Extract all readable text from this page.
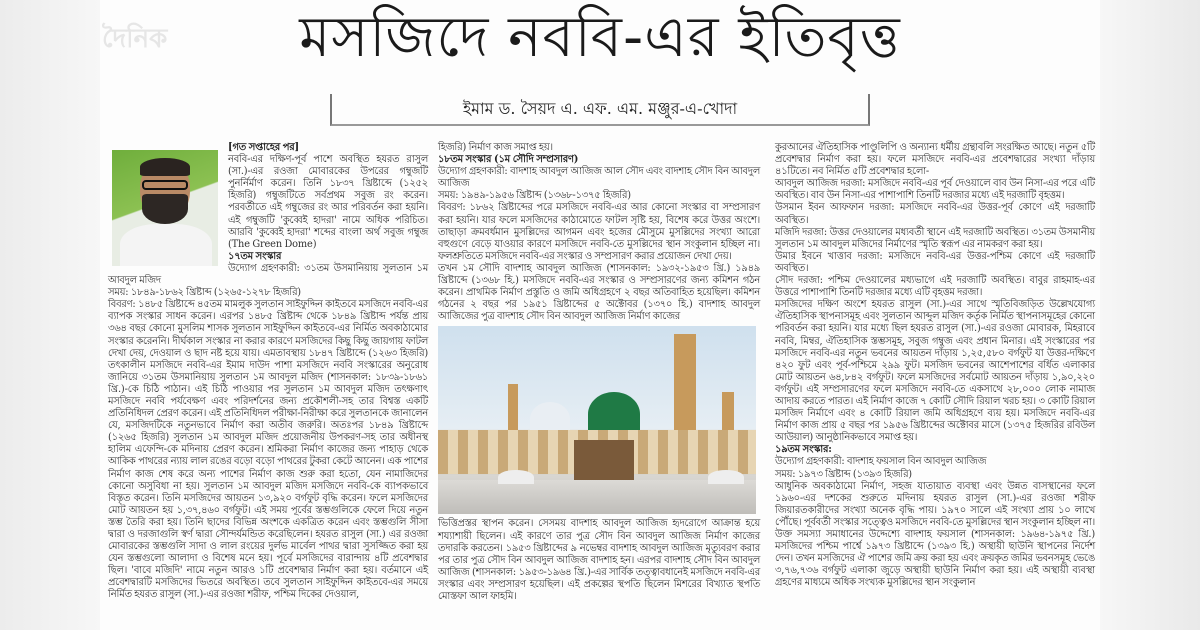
দৈনিক	মসজিদে নববি-এর ইতিবৃত্ত
ইমাম ড. সৈয়দ এ. এফ. এম. মঞ্জুর-এ-খোদা

[গত সপ্তাহের পর]

নববি-এর দক্ষিণ-পূর্ব পাশে অবস্থিত হযরত রাসুল (সা.)-এর রওজা মোবারকের উপরের গম্বুজটি পুনর্নির্মাণ করেন। তিনি ১৮৩৭ খ্রিষ্টাব্দে (১২৫২ হিজরি) গম্বুজটিতে সর্বপ্রথম সবুজ রং করেন। পরবর্তীতে এই গম্বুজের রং আর পরিবর্তন করা হয়নি। এই গম্বুজটি 'কুব্বেই হাদরা' নামে অধিক পরিচিত। আরবি 'কুব্বেই হাদরা' শব্দের বাংলা অর্থ সবুজ গম্বুজ (The Green Dome)

১৭তম সংস্কার

উদ্যোগ গ্রহণকারী: ৩১তম উসমানিয়ায় সুলতান ১ম আবদুল মজিদ

সময়: ১৮৪৯-১৮৬২ খ্রিষ্টাব্দ (১২৬৫-১২৭৮ হিজরি)

বিবরণ: ১৪৮৫ খ্রিষ্টাব্দে ৪৫তম মামলুক সুলতান সাইফুদ্দিন কাইতবে মসজিদে নববি-এর ব্যাপক সংস্কার সাধন করেন। এরপর ১৪৮৫ খ্রিষ্টাব্দ থেকে ১৮৪৯ খ্রিষ্টাব্দ পর্যন্ত প্রায় ৩৬৪ বছর কোনো মুসলিম শাসক সুলতান সাইফুদ্দিন কাইতবে-এর নির্মিত অবকাঠামোর সংস্কার করেননি। দীর্ঘকাল সংস্কার না করার কারণে মসজিদের কিছু কিছু জায়গায় ফাটল দেখা দেয়, দেওয়াল ও ছাদ নষ্ট হয়ে যায়। এমতাবস্থায় ১৮৪৭ খ্রিষ্টাব্দে (১২৬৩ হিজরি) তৎকালীন মসজিদে নববি-এর ইমাম দাউদ পাশা মসজিদে নববি সংস্কারের অনুরোধ জানিয়ে ৩১তম উসমানিয়ায় সুলতান ১ম আবদুল মজিদ (শাসনকাল: ১৮৩৯-১৮৬১ খ্রি.)-কে চিঠি পাঠান। এই চিঠি পাওয়ার পর সুলতান ১ম আবদুল মজিদ তৎক্ষণাৎ মসজিদে নববি পর্যবেক্ষণ এবং পরিদর্শনের জন্য প্রকৌশলী-সহ তার বিশ্বস্ত একটি প্রতিনিধিদল প্রেরণ করেন। এই প্রতিনিধিদল পরীক্ষা-নিরীক্ষা করে সুলতানকে জানালেন যে, মসজিদটিকে নতুনভাবে নির্মাণ করা অতীব জরুরি। অতঃপর ১৮৪৯ খ্রিষ্টাব্দে (১২৬৫ হিজরি) সুলতান ১ম আবদুল মজিদ প্রয়োজনীয় উপকরণ-সহ তার অধীনস্থ হালিম এফেন্দি-কে মদিনায় প্রেরণ করেন। শ্রমিকরা নির্মাণ কাজের জন্য পাহাড় থেকে আকিক পাথরের ন্যায় লাল রঙের বড়ো বড়ো পাথরের টুকরা কেটে আনেন। এক পাশের নির্মাণ কাজ শেষ করে অন্য পাশের নির্মাণ কাজ শুরু করা হতো, যেন নামাজিদের কোনো অসুবিধা না হয়। সুলতান ১ম আবদুল মজিদ মসজিদে নববি-কে ব্যাপকভাবে বিস্তৃত করেন। তিনি মসজিদের আয়তন ১৩,৯২০ বর্গফুট বৃদ্ধি করেন। ফলে মসজিদের মোট আয়তন হয় ১,৩৭,৪৬০ বর্গফুট। এই সময় পূর্বের স্তম্ভগুলিকে ফেলে দিয়ে নতুন স্তম্ভ তৈরি করা হয়। তিনি ছাদের বিভিন্ন অংশকে একত্রিত করেন এবং স্তম্ভগুলি সীসা দ্বারা ও দরজাগুলি স্বর্ণ দ্বারা সৌন্দর্যমন্ডিত করেছিলেন। হযরত রাসুল (সা.) এর রওজা মোবারকের স্তম্ভগুলি সাদা ও লাল রংয়ের দুর্লভ মার্বেল পাথর দ্বারা সুসজ্জিত করা হয় যেন স্তম্ভগুলো আলাদা ও বিশেষ মনে হয়। পূর্বে মসজিদের বারান্দায় ৪টি প্রবেশদ্বার ছিল। 'বাবে মজিদি' নামে নতুন আরও ১টি প্রবেশদ্বার নির্মাণ করা হয়। বর্তমানে এই প্রবেশদ্বারটি মসজিদের ভিতরে অবস্থিত। তবে সুলতান সাইফুদ্দিন কাইতবে-এর সময়ে নির্মিত হযরত রাসুল (সা.)-এর রওজা শরীফ, পশ্চিম দিকের দেওয়াল,

হিজরি) নির্মাণ কাজ সমাপ্ত হয়।

১৮তম সংস্কার (১ম সৌদি সম্প্রসারণ)

উদ্যোগ গ্রহণকারী: বাদশাহ আবদুল আজিজ আল সৌদ এবং বাদশাহ সৌদ বিন আবদুল আজিজ

সময়: ১৯৪৯-১৯৫৬ খ্রিষ্টাব্দ (১৩৬৮-১৩৭৫ হিজরি)

বিবরণ: ১৮৬২ খ্রিষ্টাব্দের পরে মসজিদে নববি-এর আর কোনো সংস্কার বা সম্প্রসারণ করা হয়নি। যার ফলে মসজিদের কাঠামোতে ফাটল সৃষ্টি হয়, বিশেষ করে উত্তর অংশে। তাছাড়া ক্রমবর্ধমান মুসল্লিদের আগমন এবং হজের মৌসুমে মুসল্লিদের সংখ্যা আরো বহুগুণে বেড়ে যাওয়ার কারণে মসজিদে নববি-তে মুসল্লিদের স্থান সংকুলান হচ্ছিল না। ফলশ্রুতিতে মসজিদে নববি-এর সংস্কার ও সম্প্রসারণ করার প্রয়োজন দেখা দেয়।

তখন ১ম সৌদি বাদশাহ আবদুল আজিজ (শাসনকাল: ১৯৩২-১৯৫৩ খ্রি.) ১৯৪৯ খ্রিষ্টাব্দে (১৩৬৮ হি.) মসজিদে নববি-এর সংস্কার ও সম্প্রসারণের জন্য কমিশন গঠন করেন। প্রাথমিক নির্মাণ প্রস্তুতি ও জমি অধিগ্রহণে ২ বছর অতিবাহিত হয়েছিল। কমিশন গঠনের ২ বছর পর ১৯৫১ খ্রিষ্টাব্দের ৫ অক্টোবর (১৩৭০ হি.) বাদশাহ আবদুল আজিজের পুত্র বাদশাহ সৌদ বিন আবদুল আজিজ নির্মাণ কাজের

ভিত্তিপ্রস্তর স্থাপন করেন। সেসময় বাদশাহ আবদুল আজিজ হৃদরোগে আক্রান্ত হয়ে শয্যাশায়ী ছিলেন। এই কারণে তার পুত্র সৌদ বিন আবদুল আজিজ নির্মাণ কাজের তদারকি করতেন। ১৯৫৩ খ্রিষ্টাব্দের ৯ নভেম্বর বাদশাহ আবদুল আজিজ মৃত্যুবরণ করার পর তার পুত্র সৌদ বিন আবদুল আজিজ বাদশাহ হন। এরপর বাদশাহ সৌদ বিন আবদুল আজিজ (শাসনকাল: ১৯৫৩-১৯৬৪ খ্রি.)-এর সার্বিক তত্ত্বাবধানেই মসজিদে নববি-এর সংস্কার এবং সম্প্রসারণ হয়েছিল। এই প্রকল্পের স্থপতি ছিলেন মিশরের বিখ্যাত স্থপতি মোস্তফা আল ফাহমি।

কুরআনের ঐতিহাসিক পাণ্ডুলিপি ও অন্যান্য ধর্মীয় গ্রন্থাবলি সংরক্ষিত আছে। নতুন ৫টি প্রবেশদ্বার নির্মাণ করা হয়। ফলে মসজিদে নববি-এর প্রবেশদ্বারের সংখ্যা দাঁড়ায় ৪১টিতে। নব নির্মিত ৫টি প্রবেশদ্বার হলো-

আবদুল আজিজ দরজা: মসজিদে নববি-এর পূর্ব দেওয়ালে বাব উন নিসা-এর পরে এটি অবস্থিত। বাব উন নিসা-এর পাশাপাশি তিনটি দরজার মধ্যে এই দরজাটি বৃহত্তম।

উসমান ইবন আফফান দরজা: মসজিদে নববি-এর উত্তর-পূর্ব কোণে এই দরজাটি অবস্থিত।

মজিদি দরজা: উত্তর দেওয়ালের মধ্যবর্তী স্থানে এই দরজাটি অবস্থিত। ৩১তম উসমানীয় সুলতান ১ম আবদুল মজিদের নির্মাণের স্মৃতি স্বরূপ এর নামকরণ করা হয়।

উমার ইবনে খাত্তাব দরজা: মসজিদে নববি-এর উত্তর-পশ্চিম কোণে এই দরজাটি অবস্থিত।

সৌদ দরজা: পশ্চিম দেওয়ালের মধ্যভাগে এই দরজাটি অবস্থিত। বাবুর রাহমাহ-এর উত্তরে পাশাপাশি তিনটি দরজার মধ্যে এটি বৃহত্তম দরজা।

মসজিদের দক্ষিণ অংশে হযরত রাসুল (সা.)-এর সাথে স্মৃতিবিজড়িত উল্লেখযোগ্য ঐতিহাসিক স্থাপনাসমূহ এবং সুলতান আব্দুল মজিদ কর্তৃক নির্মিত স্থাপনাসমূহের কোনো পরিবর্তন করা হয়নি। যার মধ্যে ছিল হযরত রাসুল (সা.)-এর রওজা মোবারক, মিহরাবে নববি, মিম্বর, ঐতিহাসিক স্তম্ভসমূহ, সবুজ গম্বুজ এবং প্রধান মিনার। এই সংস্কারের পর মসজিদে নববি-এর নতুন ভবনের আয়তন দাঁড়ায় ১,২৫,৫৮০ বর্গফুট যা উত্তর-দক্ষিণে ৪২০ ফুট এবং পূর্ব-পশ্চিমে ২৯৯ ফুট। মসজিদ ভবনের আশেপাশের বর্ধিত এলাকার মোট আয়তন ৬৪,৮৪২ বর্গফুট। ফলে মসজিদের সর্বমোট আয়তন দাঁড়ায় ১,৯০,২২০ বর্গফুট। এই সম্প্রসারণের ফলে মসজিদে নববি-তে একসাথে ২৮,০০০ লোক নামাজ আদায় করতে পারত। এই নির্মাণ কাজে ৭ কোটি সৌদি রিয়াল খরচ হয়। ৩ কোটি রিয়াল মসজিদ নির্মাণে এবং ৪ কোটি রিয়াল জমি অধিগ্রহণে ব্যয় হয়। মসজিদে নববি-এর নির্মাণ কাজ প্রায় ৫ বছর পর ১৯৫৬ খ্রিষ্টাব্দের অক্টোবর মাসে (১৩৭৫ হিজরির রবিউল আউয়াল) আনুষ্ঠানিকভাবে সমাপ্ত হয়।

১৯তম সংস্কার:

উদ্যোগ গ্রহণকারী: বাদশাহ ফয়সাল বিন আবদুল আজিজ

সময়: ১৯৭৩ খ্রিষ্টাব্দ (১৩৯৩ হিজরি)

আধুনিক অবকাঠামো নির্মাণ, সহজ যাতায়াত ব্যবস্থা এবং উন্নত বাসস্থানের ফলে ১৯৬০-এর দশকের শুরুতে মদিনায় হযরত রাসুল (সা.)-এর রওজা শরীফ জিয়ারতকারীদের সংখ্যা অনেক বৃদ্ধি পায়। ১৯৭০ সালে এই সংখ্যা প্রায় ১০ লাখে পৌঁছে। পূর্ববর্তী সংস্কার সত্ত্বেও মসজিদে নববি-তে মুসল্লিদের স্থান সংকুলান হচ্ছিল না। উক্ত সমস্যা সমাধানের উদ্দেশ্যে বাদশাহ ফয়সাল (শাসনকাল: ১৯৬৪-১৯৭৫ খ্রি.) মসজিদের পশ্চিম পার্শ্বে ১৯৭৩ খ্রিষ্টাব্দে (১৩৯৩ হি.) অস্থায়ী ছাউনি স্থাপনের নির্দেশ দেন। তখন মসজিদের ঐ পাশের জমি ক্রয় করা হয় এবং ক্রয়কৃত জমির ভবনসমূহ ভেঙে ৩,৭৬,৭৩৬ বর্গফুট এলাকা জুড়ে অস্থায়ী ছাউনি নির্মাণ করা হয়। এই অস্থায়ী ব্যবস্থা গ্রহণের মাধ্যমে অধিক সংখ্যক মুসল্লিদের স্থান সংকুলান
